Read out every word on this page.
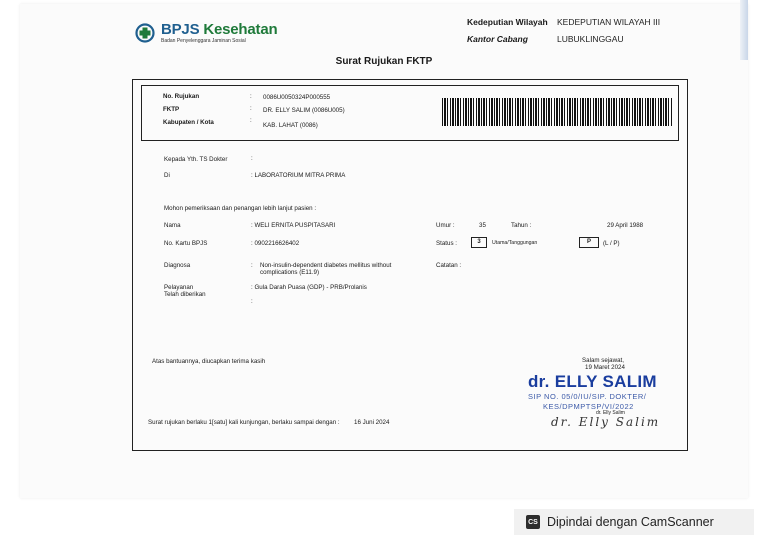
BPJS Kesehatan
Badan Penyelenggara Jaminan Sosial
Kedeputian Wilayah	KEDEPUTIAN WILAYAH III
Kantor Cabang	LUBUKLINGGAU
Surat Rujukan FKTP
No. Rujukan	: 0086U0050324P000555
FKTP	: DR. ELLY SALIM (0086U005)
Kabupaten / Kota	:
KAB. LAHAT (0086)
Kepada Yth. TS Dokter	:
Di	: LABORATORIUM MITRA PRIMA
Mohon pemeriksaan dan penangan lebih lanjut pasien :
Nama	: WELI ERNITA PUSPITASARI
No. Kartu BPJS	: 0902216626402
Diagnosa	: Non-insulin-dependent diabetes mellitus without
complications (E11.9)
Pelayanan	: Gula Darah Puasa (GDP) - PRB/Prolanis
Telah diberikan
:
Umur :	35	Tahun :	29 April 1988
Status :	3	Utama/Tanggungan	P	(L / P)
Catatan :
Atas bantuannya, diucapkan terima kasih	Salam sejawat,
19 Maret 2024
dr. Elly Salim
Surat rujukan berlaku 1[satu] kali kunjungan, berlaku sampai dengan : 16 Juni 2024
dr. ELLY SALIM
SIP NO. 05/0/IU/SIP. DOKTER/
KES/DPMPTSP/VI/2022
dr. Elly Salim
CS Dipindai dengan CamScanner
